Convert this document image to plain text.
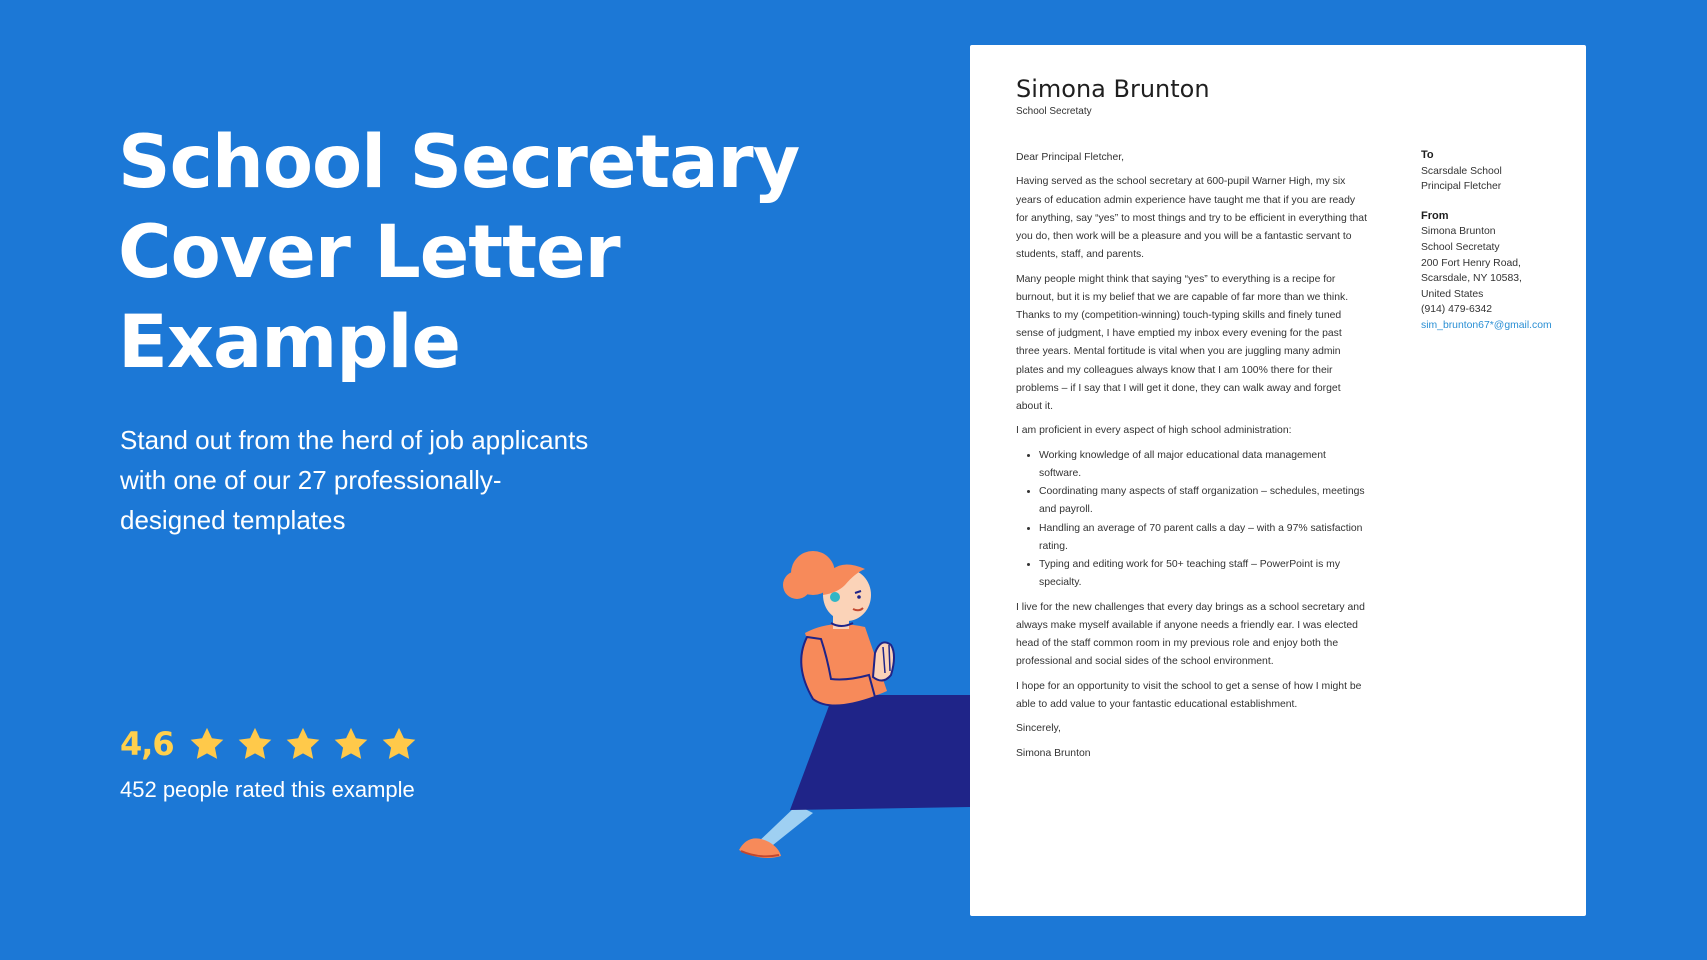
School Secretary
Cover Letter
Example

Stand out from the herd of job applicants with one of our 27 professionally-designed templates

4,6
452 people rated this example
Simona Brunton
School Secretaty

Dear Principal Fletcher,

Having served as the school secretary at 600-pupil Warner High, my six years of education admin experience have taught me that if you are ready for anything, say “yes” to most things and try to be efficient in everything that you do, then work will be a pleasure and you will be a fantastic servant to students, staff, and parents.

Many people might think that saying “yes” to everything is a recipe for burnout, but it is my belief that we are capable of far more than we think. Thanks to my (competition-winning) touch-typing skills and finely tuned sense of judgment, I have emptied my inbox every evening for the past three years. Mental fortitude is vital when you are juggling many admin plates and my colleagues always know that I am 100% there for their problems – if I say that I will get it done, they can walk away and forget about it.

I am proficient in every aspect of high school administration:

• Working knowledge of all major educational data management software.
• Coordinating many aspects of staff organization – schedules, meetings and payroll.
• Handling an average of 70 parent calls a day – with a 97% satisfaction rating.
• Typing and editing work for 50+ teaching staff – PowerPoint is my specialty.

I live for the new challenges that every day brings as a school secretary and always make myself available if anyone needs a friendly ear. I was elected head of the staff common room in my previous role and enjoy both the professional and social sides of the school environment.

I hope for an opportunity to visit the school to get a sense of how I might be able to add value to your fantastic educational establishment.

Sincerely,

Simona Brunton

To
Scarsdale School
Principal Fletcher
From
Simona Brunton
School Secretaty
200 Fort Henry Road,
Scarsdale, NY 10583,
United States
(914) 479-6342
sim_brunton67*@gmail.com
